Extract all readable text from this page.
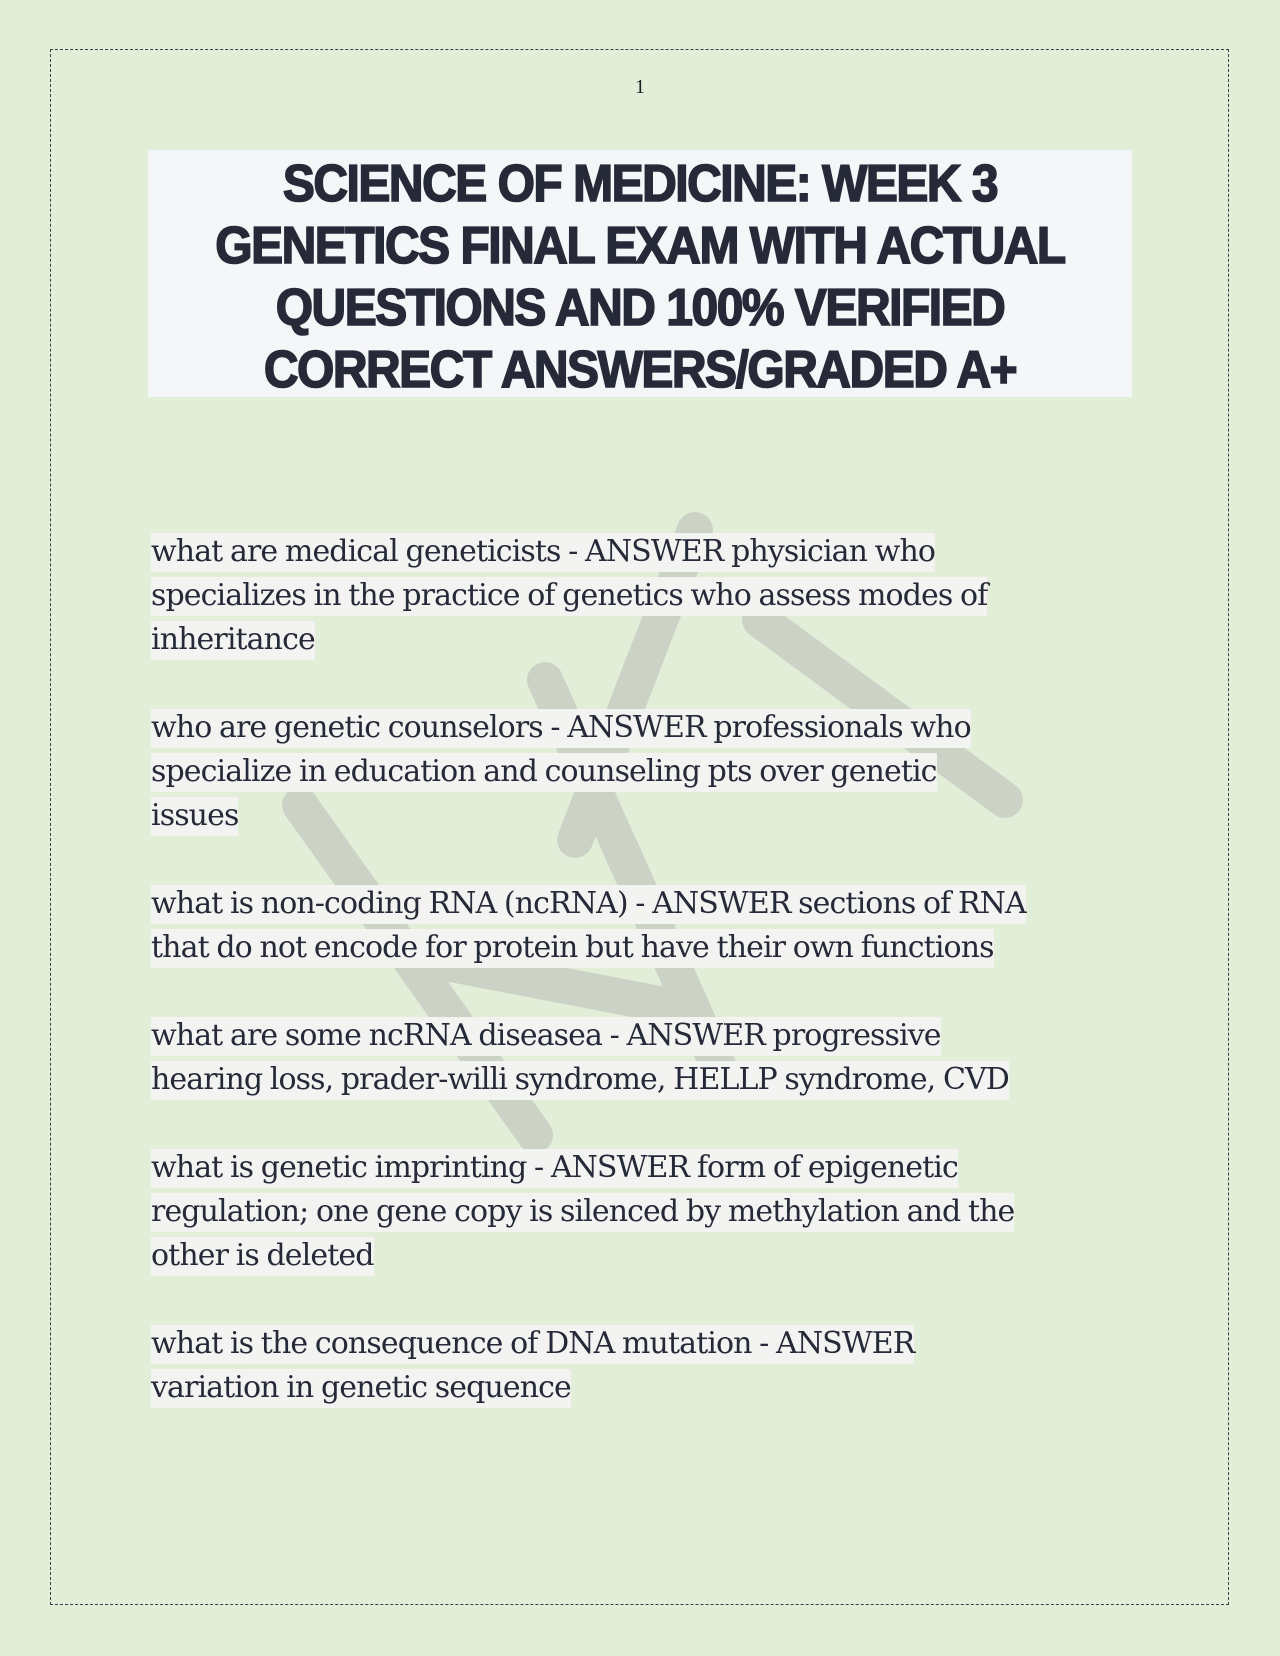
1
SCIENCE OF MEDICINE: WEEK 3
GENETICS FINAL EXAM WITH ACTUAL
QUESTIONS AND 100% VERIFIED
CORRECT ANSWERS/GRADED A+

what are medical geneticists - ANSWER physician who
specializes in the practice of genetics who assess modes of
inheritance

who are genetic counselors - ANSWER professionals who
specialize in education and counseling pts over genetic
issues

what is non-coding RNA (ncRNA) - ANSWER sections of RNA
that do not encode for protein but have their own functions

what are some ncRNA diseasea - ANSWER progressive
hearing loss, prader-willi syndrome, HELLP syndrome, CVD

what is genetic imprinting - ANSWER form of epigenetic
regulation; one gene copy is silenced by methylation and the
other is deleted

what is the consequence of DNA mutation - ANSWER
variation in genetic sequence
